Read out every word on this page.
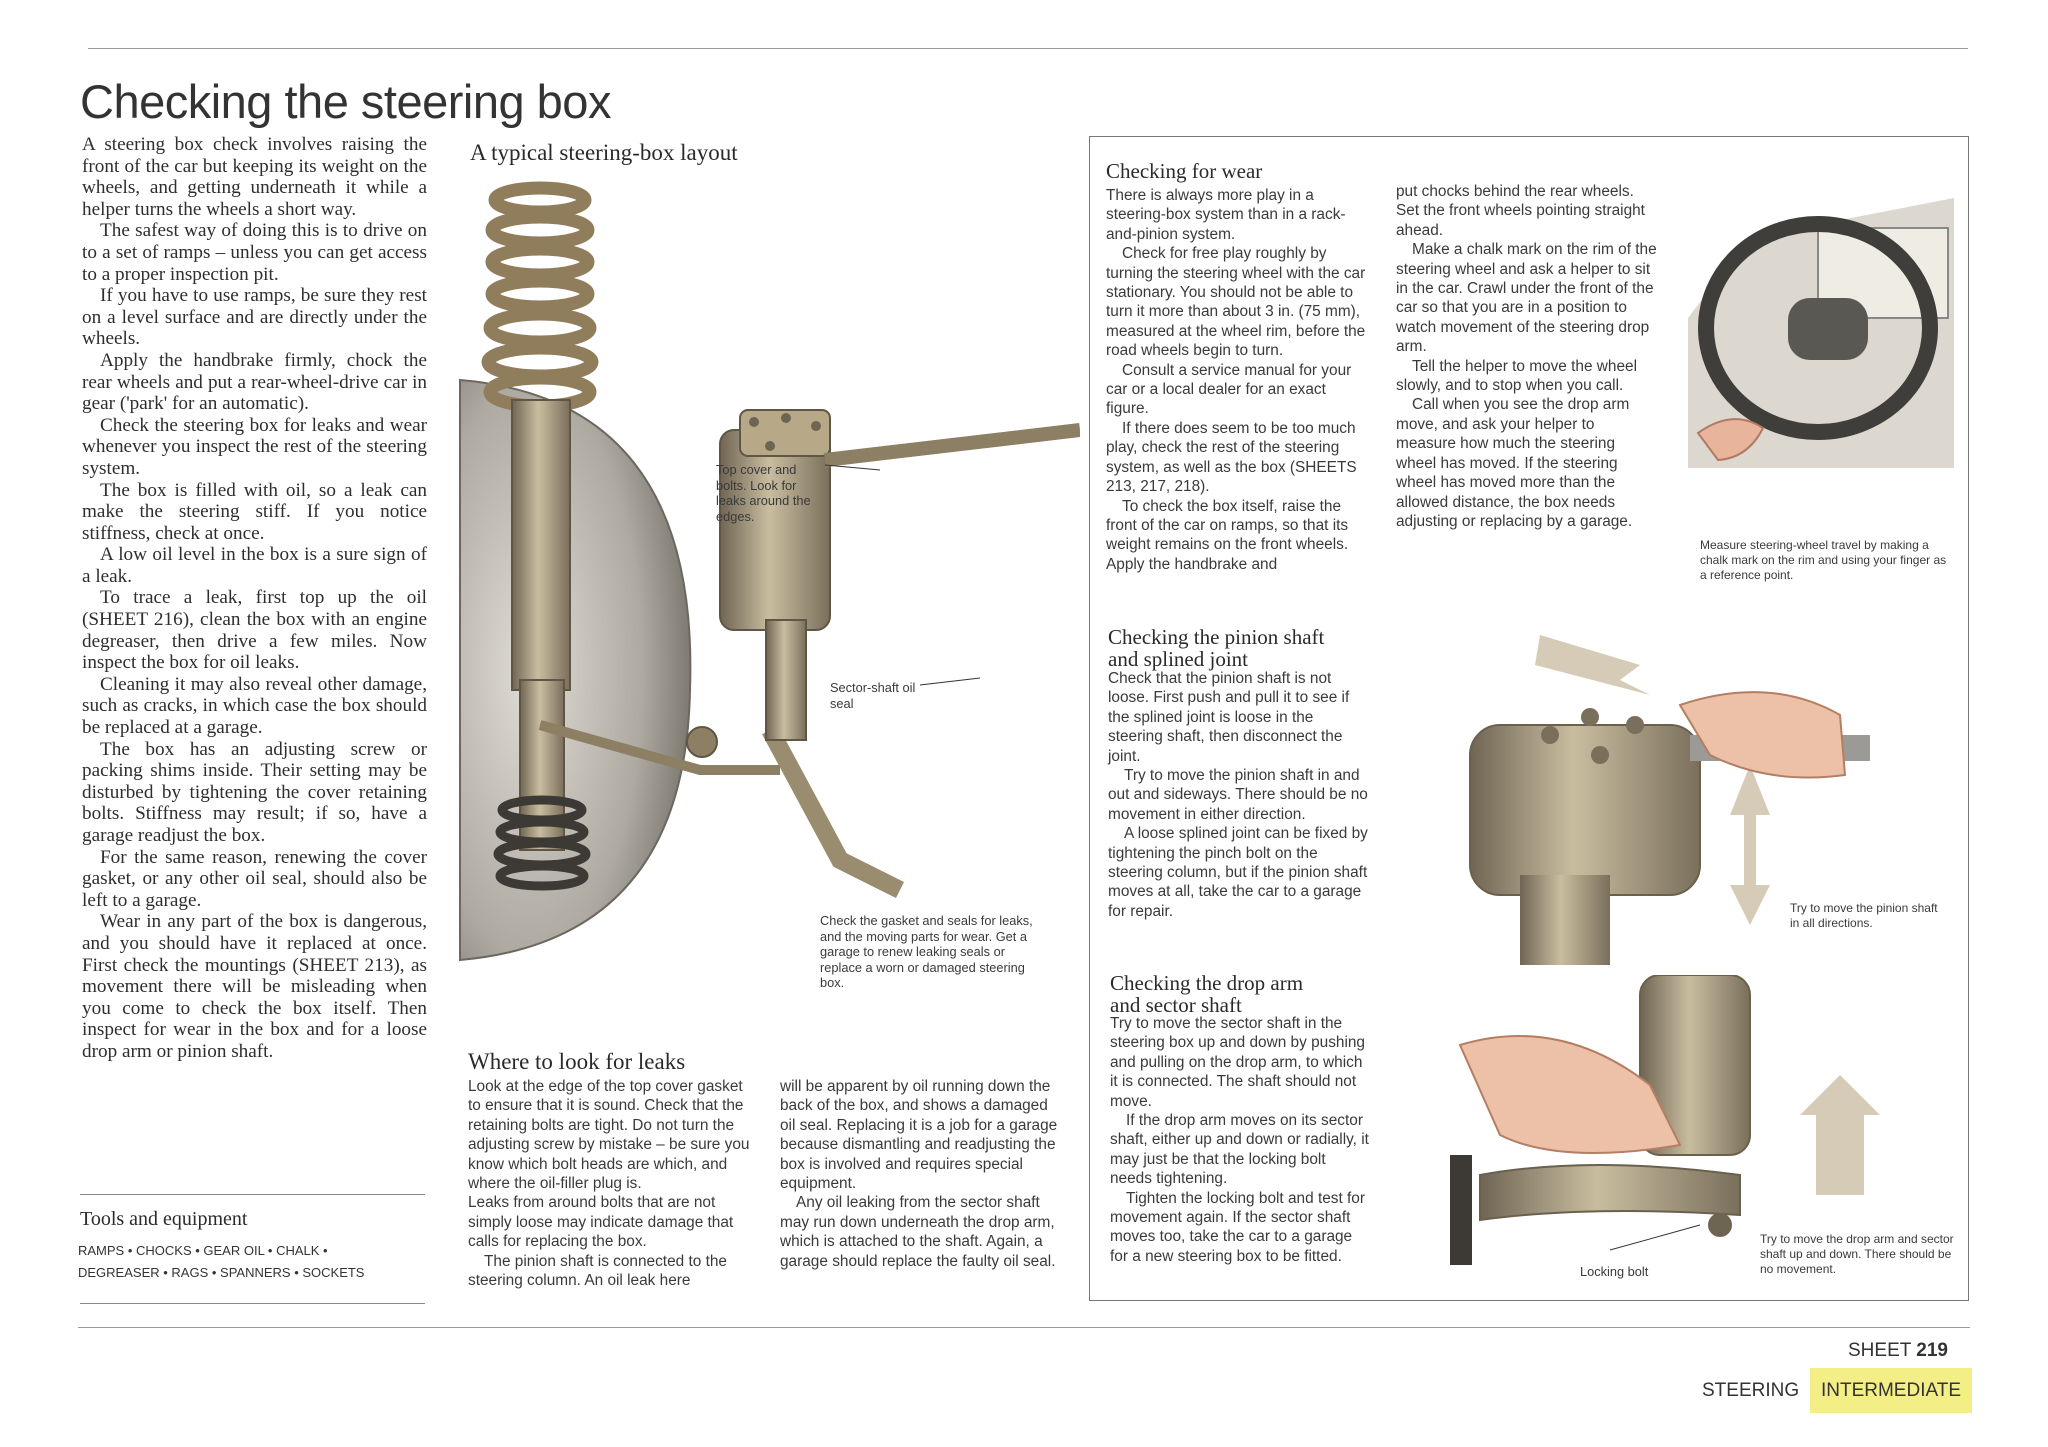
Checking the steering box

A steering box check involves raising the front of the car but keeping its weight on the wheels, and getting underneath it while a helper turns the wheels a short way.

The safest way of doing this is to drive on to a set of ramps – unless you can get access to a proper inspection pit.

If you have to use ramps, be sure they rest on a level surface and are directly under the wheels.

Apply the handbrake firmly, chock the rear wheels and put a rear-wheel-drive car in gear ('park' for an automatic).

Check the steering box for leaks and wear whenever you inspect the rest of the steering system.

The box is filled with oil, so a leak can make the steering stiff. If you notice stiffness, check at once.

A low oil level in the box is a sure sign of a leak.

To trace a leak, first top up the oil (SHEET 216), clean the box with an engine degreaser, then drive a few miles. Now inspect the box for oil leaks.

Cleaning it may also reveal other damage, such as cracks, in which case the box should be replaced at a garage.

The box has an adjusting screw or packing shims inside. Their setting may be disturbed by tightening the cover retaining bolts. Stiffness may result; if so, have a garage readjust the box.

For the same reason, renewing the cover gasket, or any other oil seal, should also be left to a garage.

Wear in any part of the box is dangerous, and you should have it replaced at once. First check the mountings (SHEET 213), as movement there will be misleading when you come to check the box itself. Then inspect for wear in the box and for a loose drop arm or pinion shaft.

Tools and equipment
RAMPS • CHOCKS • GEAR OIL • CHALK •
DEGREASER • RAGS • SPANNERS • SOCKETS
A typical steering-box layout
Top cover and bolts. Look for leaks around the edges.
Sector-shaft oil seal
Check the gasket and seals for leaks, and the moving parts for wear. Get a garage to renew leaking seals or replace a worn or damaged steering box.
Where to look for leaks

Look at the edge of the top cover gasket to ensure that it is sound. Check that the retaining bolts are tight. Do not turn the adjusting screw by mistake – be sure you know which bolt heads are which, and where the oil-filler plug is.

Leaks from around bolts that are not simply loose may indicate damage that calls for replacing the box.

The pinion shaft is connected to the steering column. An oil leak here

will be apparent by oil running down the back of the box, and shows a damaged oil seal. Replacing it is a job for a garage because dismantling and readjusting the box is involved and requires special equipment.

Any oil leaking from the sector shaft may run down underneath the drop arm, which is attached to the shaft. Again, a garage should replace the faulty oil seal.

Checking for wear

There is always more play in a steering-box system than in a rack-and-pinion system.

Check for free play roughly by turning the steering wheel with the car stationary. You should not be able to turn it more than about 3 in. (75 mm), measured at the wheel rim, before the road wheels begin to turn.

Consult a service manual for your car or a local dealer for an exact figure.

If there does seem to be too much play, check the rest of the steering system, as well as the box (SHEETS 213, 217, 218).

To check the box itself, raise the front of the car on ramps, so that its weight remains on the front wheels. Apply the handbrake and

put chocks behind the rear wheels. Set the front wheels pointing straight ahead.

Make a chalk mark on the rim of the steering wheel and ask a helper to sit in the car. Crawl under the front of the car so that you are in a position to watch movement of the steering drop arm.

Tell the helper to move the wheel slowly, and to stop when you call.

Call when you see the drop arm move, and ask your helper to measure how much the steering wheel has moved. If the steering wheel has moved more than the allowed distance, the box needs adjusting or replacing by a garage.

Measure steering-wheel travel by making a chalk mark on the rim and using your finger as a reference point.
Checking the pinion shaft
and splined joint

Check that the pinion shaft is not loose. First push and pull it to see if the splined joint is loose in the steering shaft, then disconnect the joint.

Try to move the pinion shaft in and out and sideways. There should be no movement in either direction.

A loose splined joint can be fixed by tightening the pinch bolt on the steering column, but if the pinion shaft moves at all, take the car to a garage for repair.	Try to move the pinion shaft in all directions.
Checking the drop arm
and sector shaft

Try to move the sector shaft in the steering box up and down by pushing and pulling on the drop arm, to which it is connected. The shaft should not move.

If the drop arm moves on its sector shaft, either up and down or radially, it may just be that the locking bolt needs tightening.

Tighten the locking bolt and test for movement again. If the sector shaft moves too, take the car to a garage for a new steering box to be fitted.

Locking bolt
Try to move the drop arm and sector shaft up and down. There should be no movement.
SHEET 219
STEERING	INTERMEDIATE
